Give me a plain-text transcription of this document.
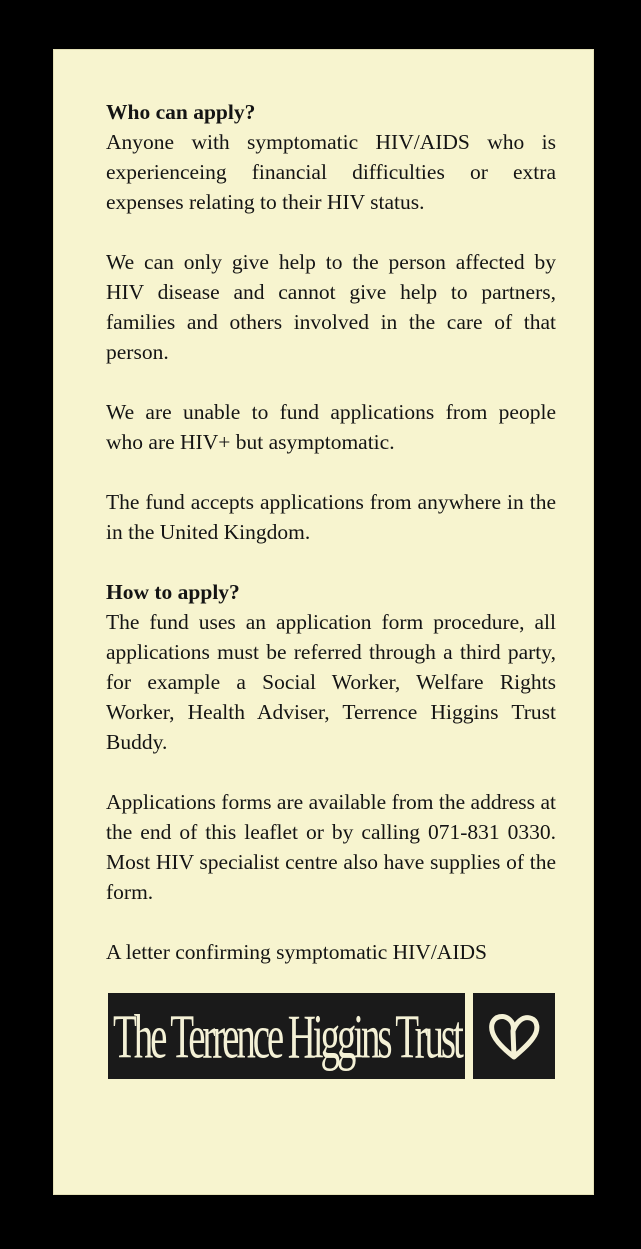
Who can apply?

Anyone with symptomatic HIV/AIDS who is experienceing financial difficulties or extra expenses relating to their HIV status.

We can only give help to the person affected by HIV disease and cannot give help to partners, families and others involved in the care of that person.

We are unable to fund applications from people who are HIV+ but asymptomatic.

The fund accepts applications from anywhere in the in the United Kingdom.

How to apply?

The fund uses an application form procedure, all applications must be referred through a third party, for example a Social Worker, Welfare Rights Worker, Health Adviser, Terrence Higgins Trust Buddy.

Applications forms are available from the address at the end of this leaflet or by calling 071-831 0330. Most HIV specialist centre also have supplies of the form.

A letter confirming symptomatic HIV/AIDS

The Terrence Higgins Trust
